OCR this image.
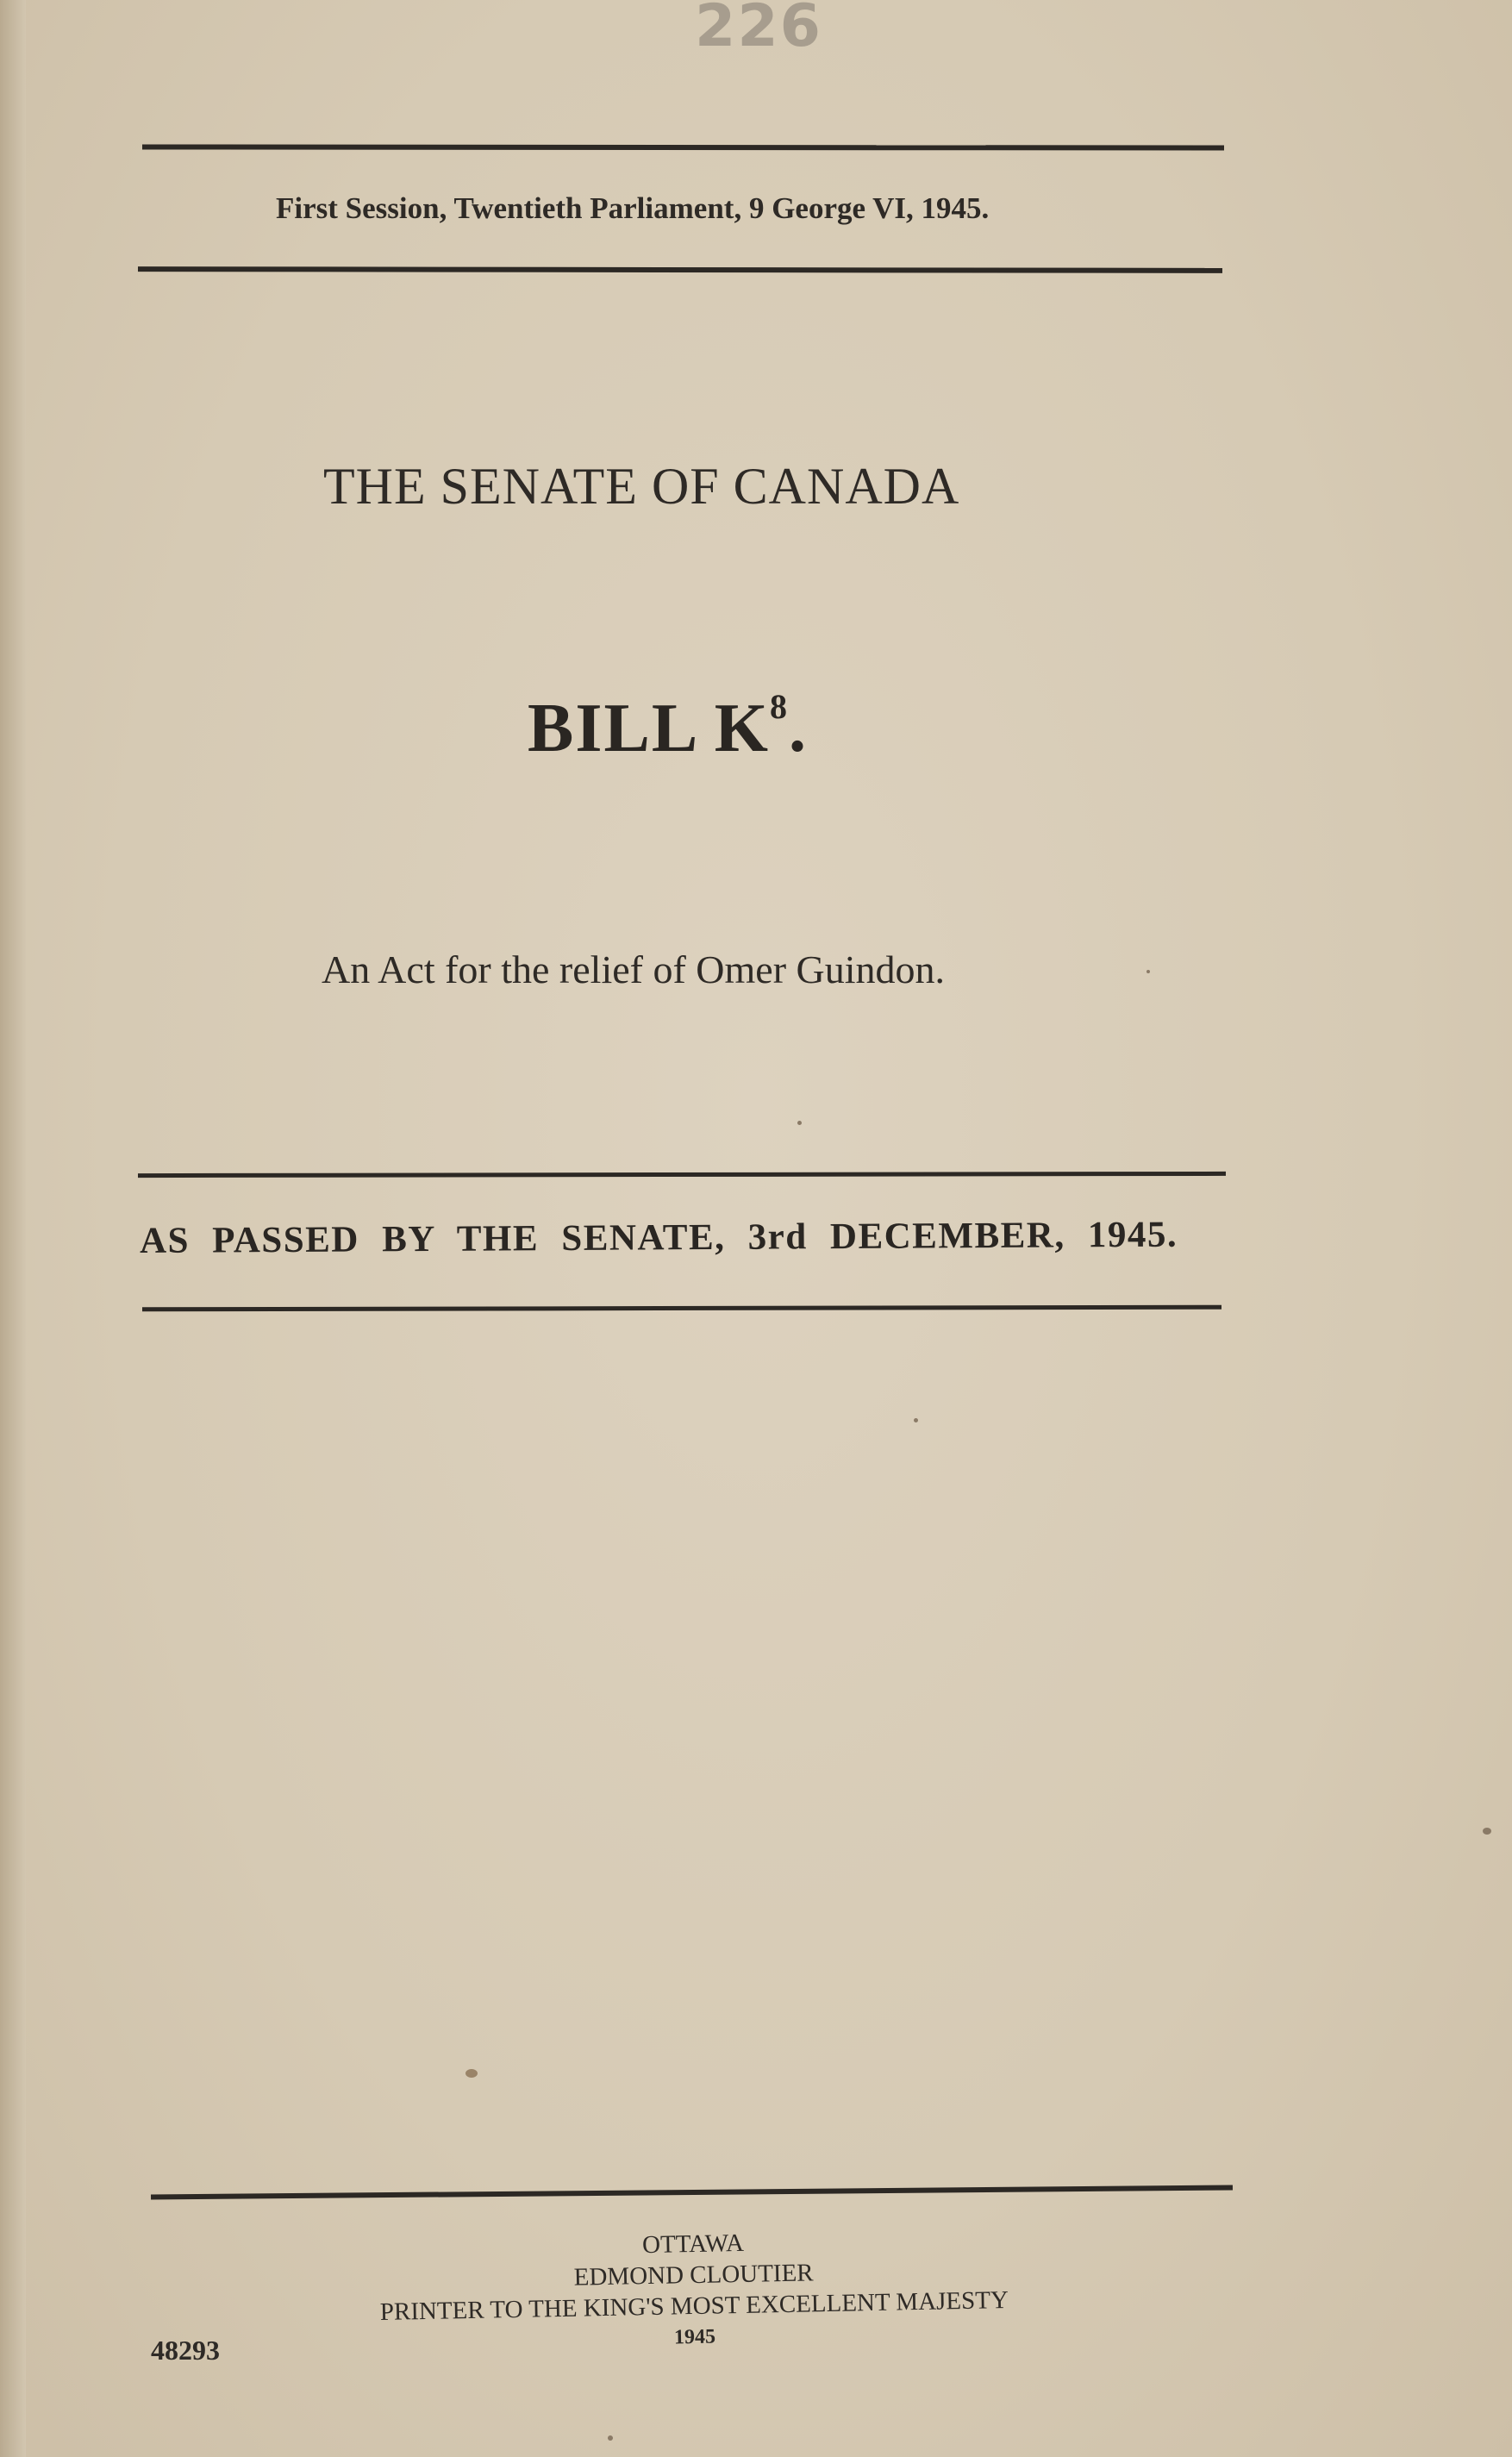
226
First Session, Twentieth Parliament, 9 George VI, 1945.
THE SENATE OF CANADA
BILL $K^8$.
An Act for the relief of Omer Guindon.
AS PASSED BY THE SENATE, 3rd DECEMBER, 1945.
OTTAWA
EDMOND CLOUTIER
PRINTER TO THE KING'S MOST EXCELLENT MAJESTY
1945
48293
